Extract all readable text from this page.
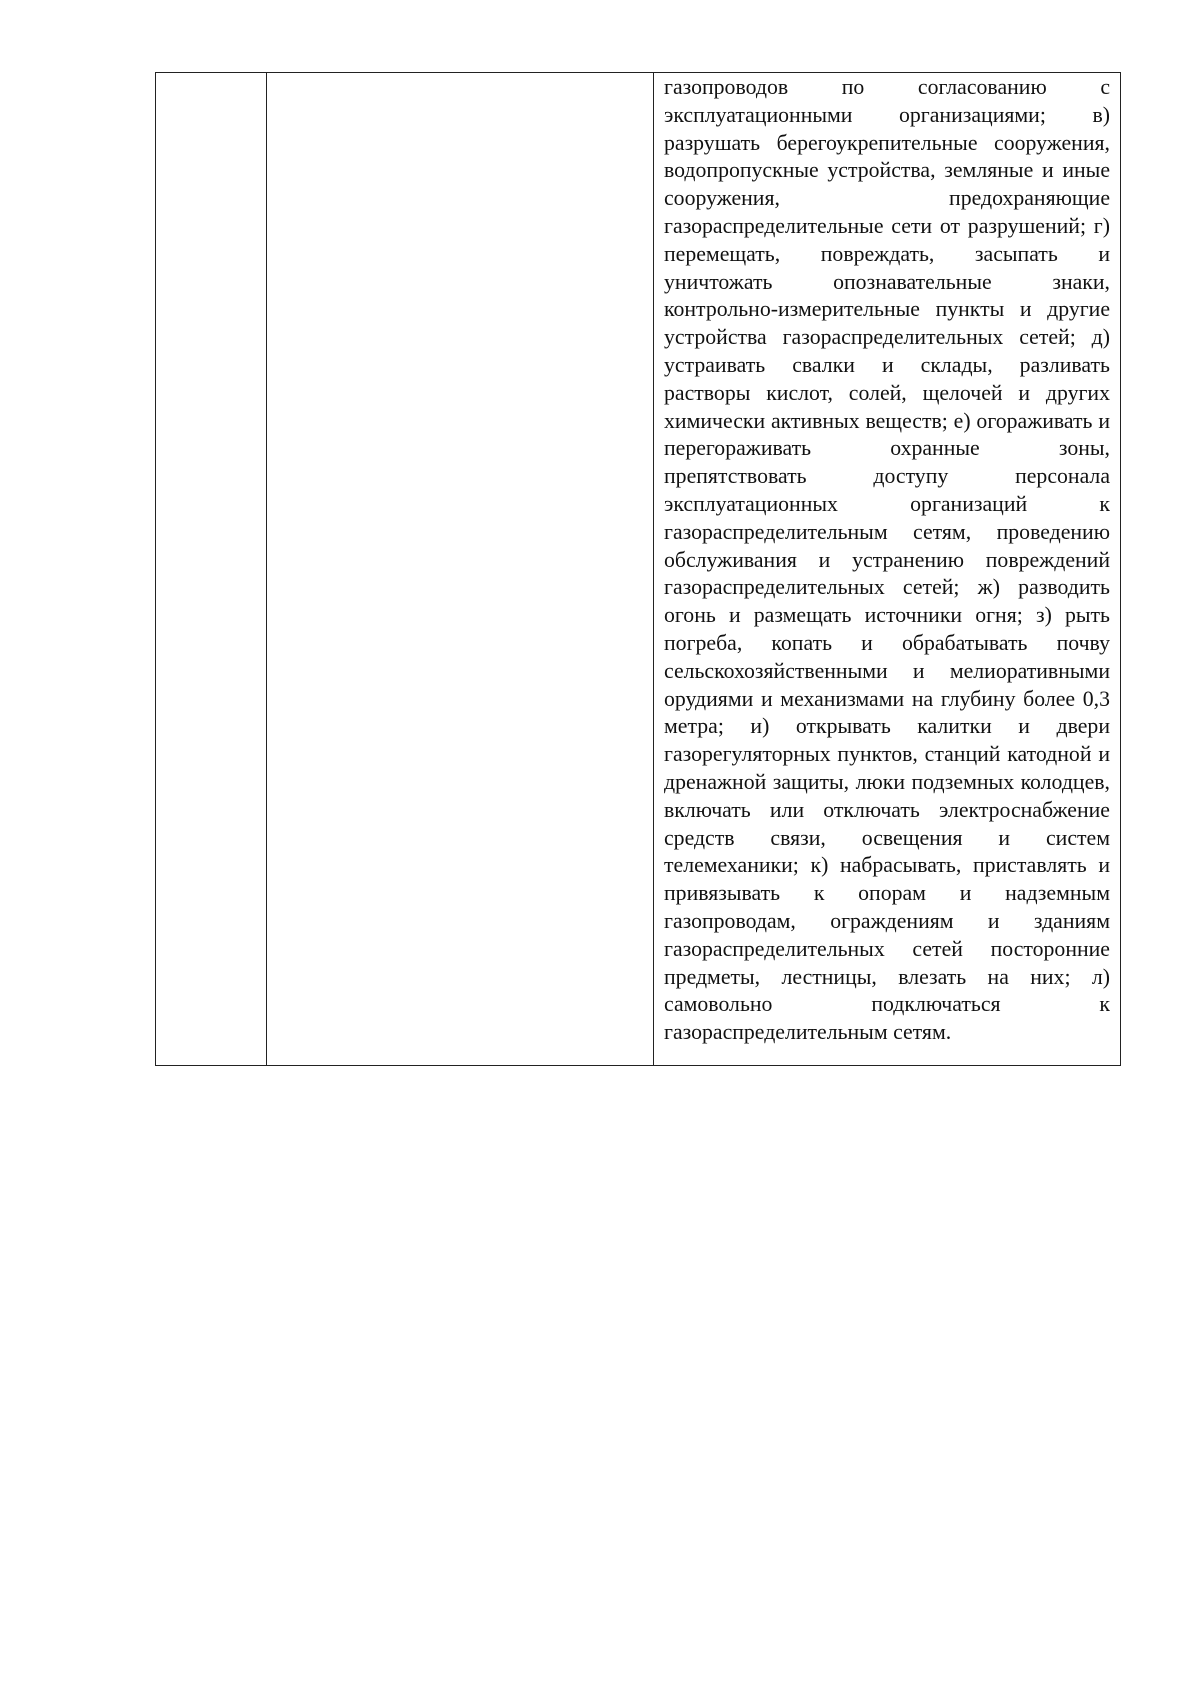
газопроводов по согласованию с эксплуатационными организациями; в) разрушать берегоукрепительные сооружения, водопропускные устройства, земляные и иные сооружения, предохраняющие газораспределительные сети от разрушений; г) перемещать, повреждать, засыпать и уничтожать опознавательные знаки, контрольно-измерительные пункты и другие устройства газораспределительных сетей; д) устраивать свалки и склады, разливать растворы кислот, солей, щелочей и других химически активных веществ; е) огораживать и перегораживать охранные зоны, препятствовать доступу персонала эксплуатационных организаций к газораспределительным сетям, проведению обслуживания и устранению повреждений газораспределительных сетей; ж) разводить огонь и размещать источники огня; з) рыть погреба, копать и обрабатывать почву сельскохозяйственными и мелиоративными орудиями и механизмами на глубину более 0,3 метра; и) открывать калитки и двери газорегуляторных пунктов, станций катодной и дренажной защиты, люки подземных колодцев, включать или отключать электроснабжение средств связи, освещения и систем телемеханики; к) набрасывать, приставлять и привязывать к опорам и надземным газопроводам, ограждениям и зданиям газораспределительных сетей посторонние предметы, лестницы, влезать на них; л) самовольно подключаться к газораспределительным сетям.
